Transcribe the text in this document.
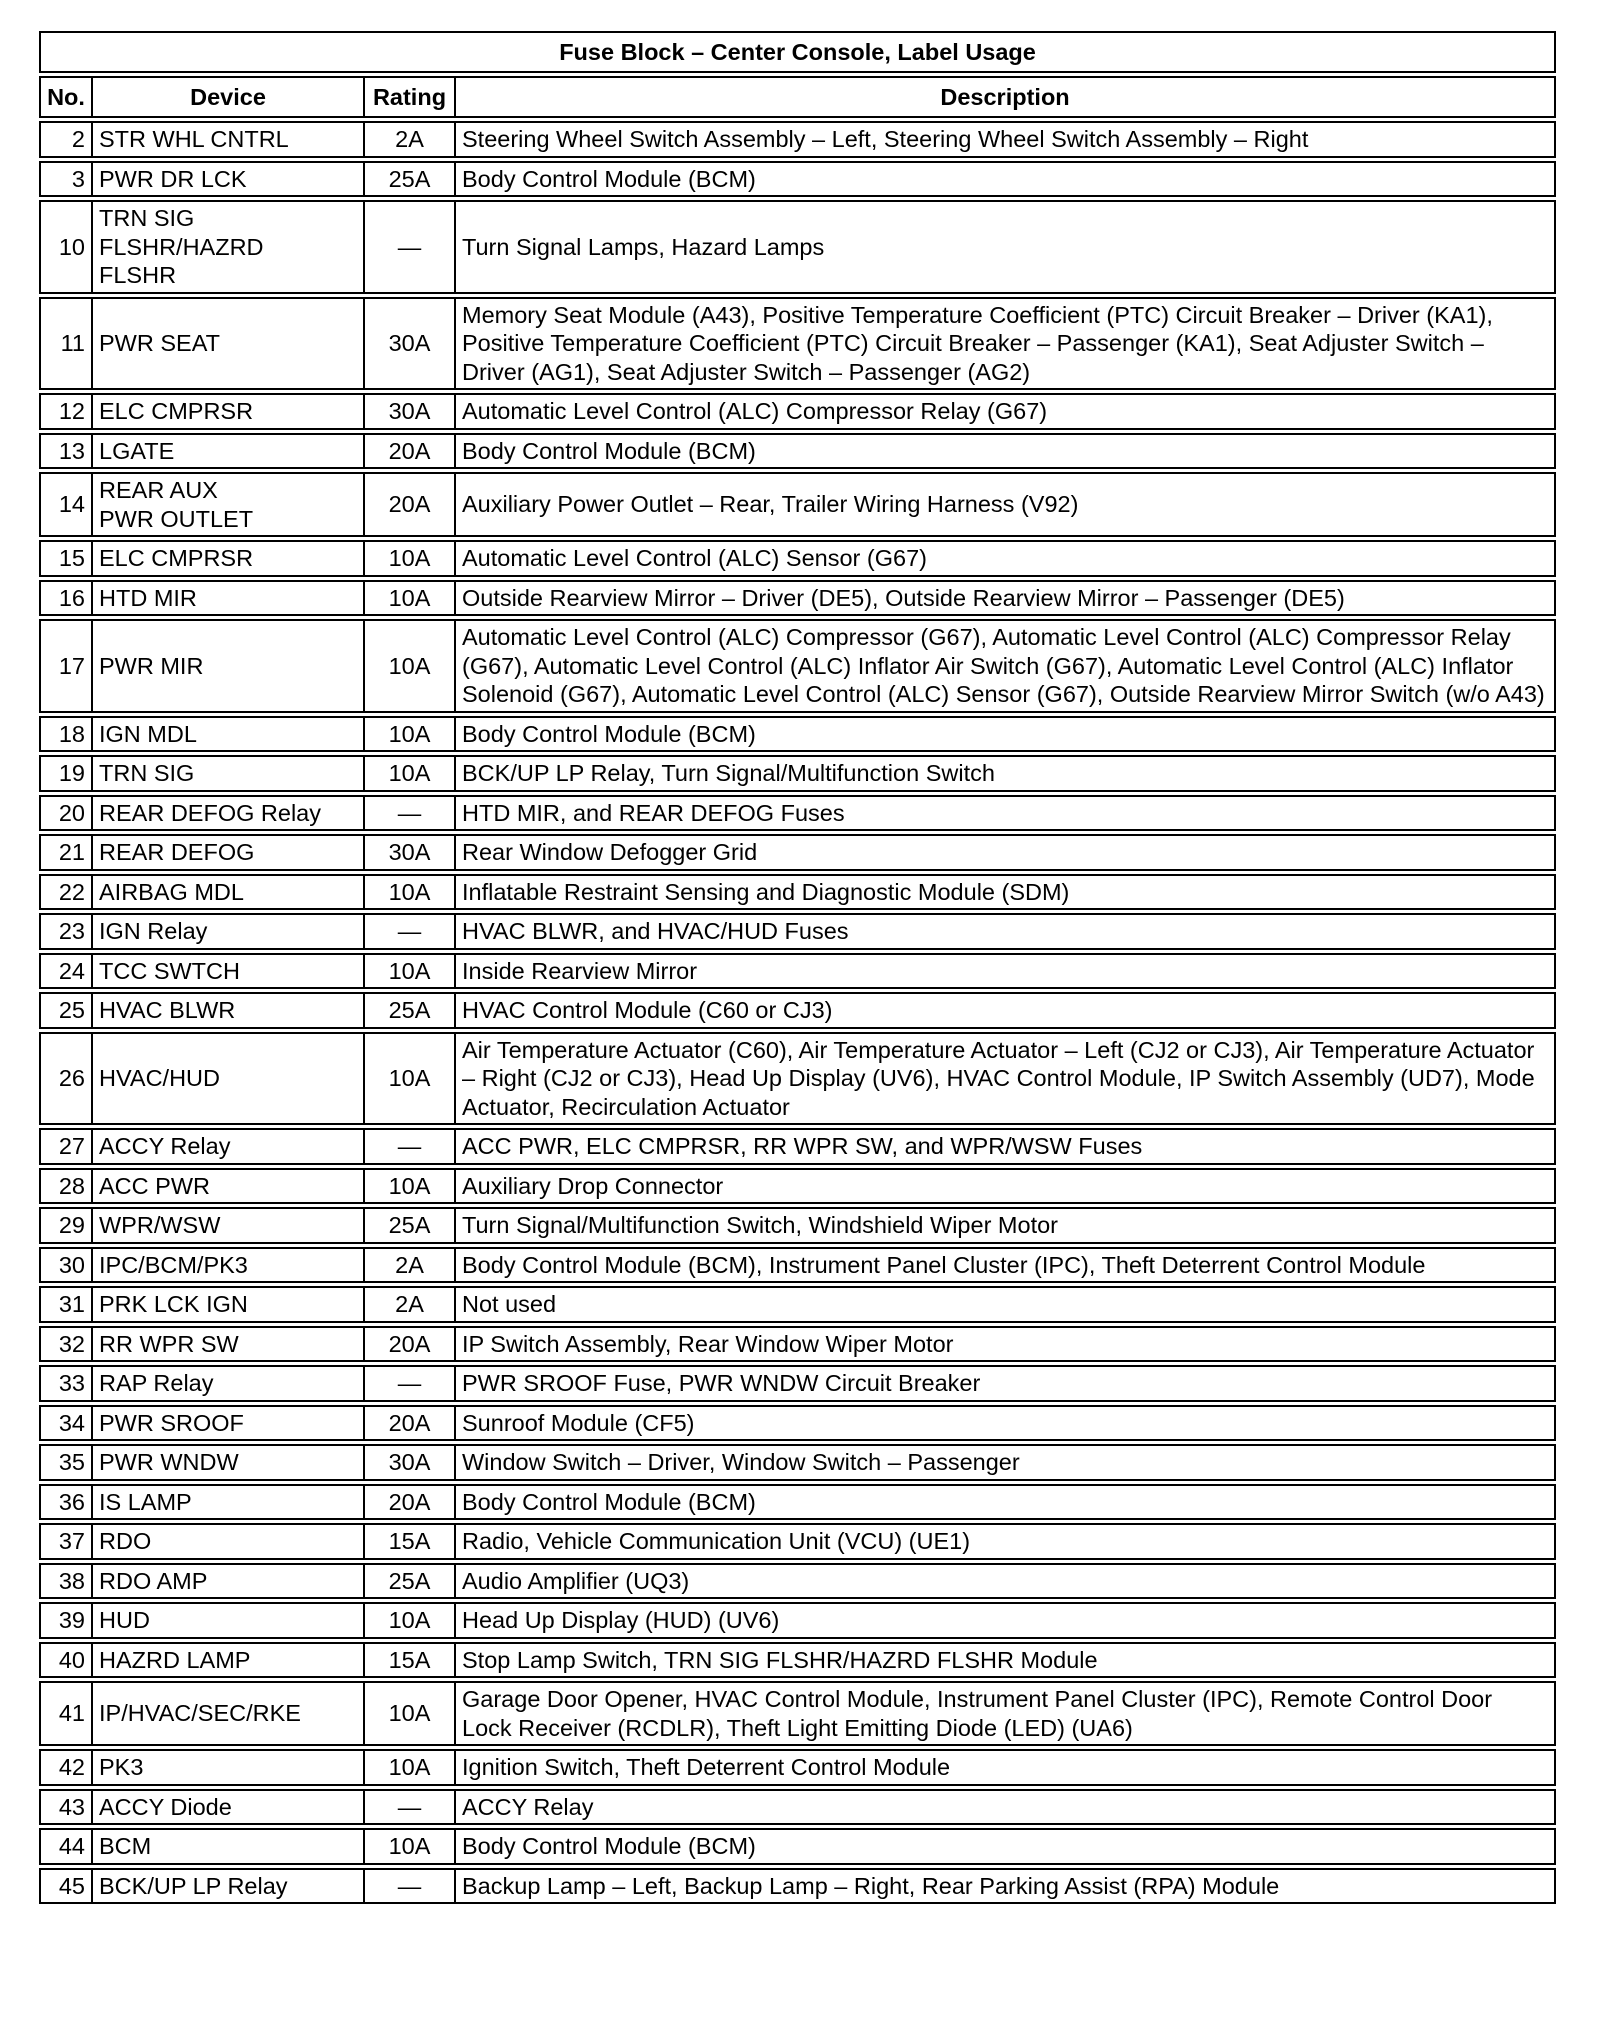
Fuse Block – Center Console, Label Usage			
No.	Device	Rating	Description
2	STR WHL CNTRL	2A	Steering Wheel Switch Assembly – Left, Steering Wheel Switch Assembly – Right
3	PWR DR LCK	25A	Body Control Module (BCM)
10	TRN SIG FLSHR/HAZRD FLSHR	—	Turn Signal Lamps, Hazard Lamps
11	PWR SEAT	30A	Memory Seat Module (A43), Positive Temperature Coefficient (PTC) Circuit Breaker – Driver (KA1), Positive Temperature Coefficient (PTC) Circuit Breaker – Passenger (KA1), Seat Adjuster Switch – Driver (AG1), Seat Adjuster Switch – Passenger (AG2)
12	ELC CMPRSR	30A	Automatic Level Control (ALC) Compressor Relay (G67)
13	LGATE	20A	Body Control Module (BCM)
14	REAR AUX PWR OUTLET	20A	Auxiliary Power Outlet – Rear, Trailer Wiring Harness (V92)
15	ELC CMPRSR	10A	Automatic Level Control (ALC) Sensor (G67)
16	HTD MIR	10A	Outside Rearview Mirror – Driver (DE5), Outside Rearview Mirror – Passenger (DE5)
17	PWR MIR	10A	Automatic Level Control (ALC) Compressor (G67), Automatic Level Control (ALC) Compressor Relay (G67), Automatic Level Control (ALC) Inflator Air Switch (G67), Automatic Level Control (ALC) Inflator Solenoid (G67), Automatic Level Control (ALC) Sensor (G67), Outside Rearview Mirror Switch (w/o A43)
18	IGN MDL	10A	Body Control Module (BCM)
19	TRN SIG	10A	BCK/UP LP Relay, Turn Signal/Multifunction Switch
20	REAR DEFOG Relay	—	HTD MIR, and REAR DEFOG Fuses
21	REAR DEFOG	30A	Rear Window Defogger Grid
22	AIRBAG MDL	10A	Inflatable Restraint Sensing and Diagnostic Module (SDM)
23	IGN Relay	—	HVAC BLWR, and HVAC/HUD Fuses
24	TCC SWTCH	10A	Inside Rearview Mirror
25	HVAC BLWR	25A	HVAC Control Module (C60 or CJ3)
26	HVAC/HUD	10A	Air Temperature Actuator (C60), Air Temperature Actuator – Left (CJ2 or CJ3), Air Temperature Actuator – Right (CJ2 or CJ3), Head Up Display (UV6), HVAC Control Module, IP Switch Assembly (UD7), Mode Actuator, Recirculation Actuator
27	ACCY Relay	—	ACC PWR, ELC CMPRSR, RR WPR SW, and WPR/WSW Fuses
28	ACC PWR	10A	Auxiliary Drop Connector
29	WPR/WSW	25A	Turn Signal/Multifunction Switch, Windshield Wiper Motor
30	IPC/BCM/PK3	2A	Body Control Module (BCM), Instrument Panel Cluster (IPC), Theft Deterrent Control Module
31	PRK LCK IGN	2A	Not used
32	RR WPR SW	20A	IP Switch Assembly, Rear Window Wiper Motor
33	RAP Relay	—	PWR SROOF Fuse, PWR WNDW Circuit Breaker
34	PWR SROOF	20A	Sunroof Module (CF5)
35	PWR WNDW	30A	Window Switch – Driver, Window Switch – Passenger
36	IS LAMP	20A	Body Control Module (BCM)
37	RDO	15A	Radio, Vehicle Communication Unit (VCU) (UE1)
38	RDO AMP	25A	Audio Amplifier (UQ3)
39	HUD	10A	Head Up Display (HUD) (UV6)
40	HAZRD LAMP	15A	Stop Lamp Switch, TRN SIG FLSHR/HAZRD FLSHR Module
41	IP/HVAC/SEC/RKE	10A	Garage Door Opener, HVAC Control Module, Instrument Panel Cluster (IPC), Remote Control Door Lock Receiver (RCDLR), Theft Light Emitting Diode (LED) (UA6)
42	PK3	10A	Ignition Switch, Theft Deterrent Control Module
43	ACCY Diode	—	ACCY Relay
44	BCM	10A	Body Control Module (BCM)
45	BCK/UP LP Relay	—	Backup Lamp – Left, Backup Lamp – Right, Rear Parking Assist (RPA) Module
